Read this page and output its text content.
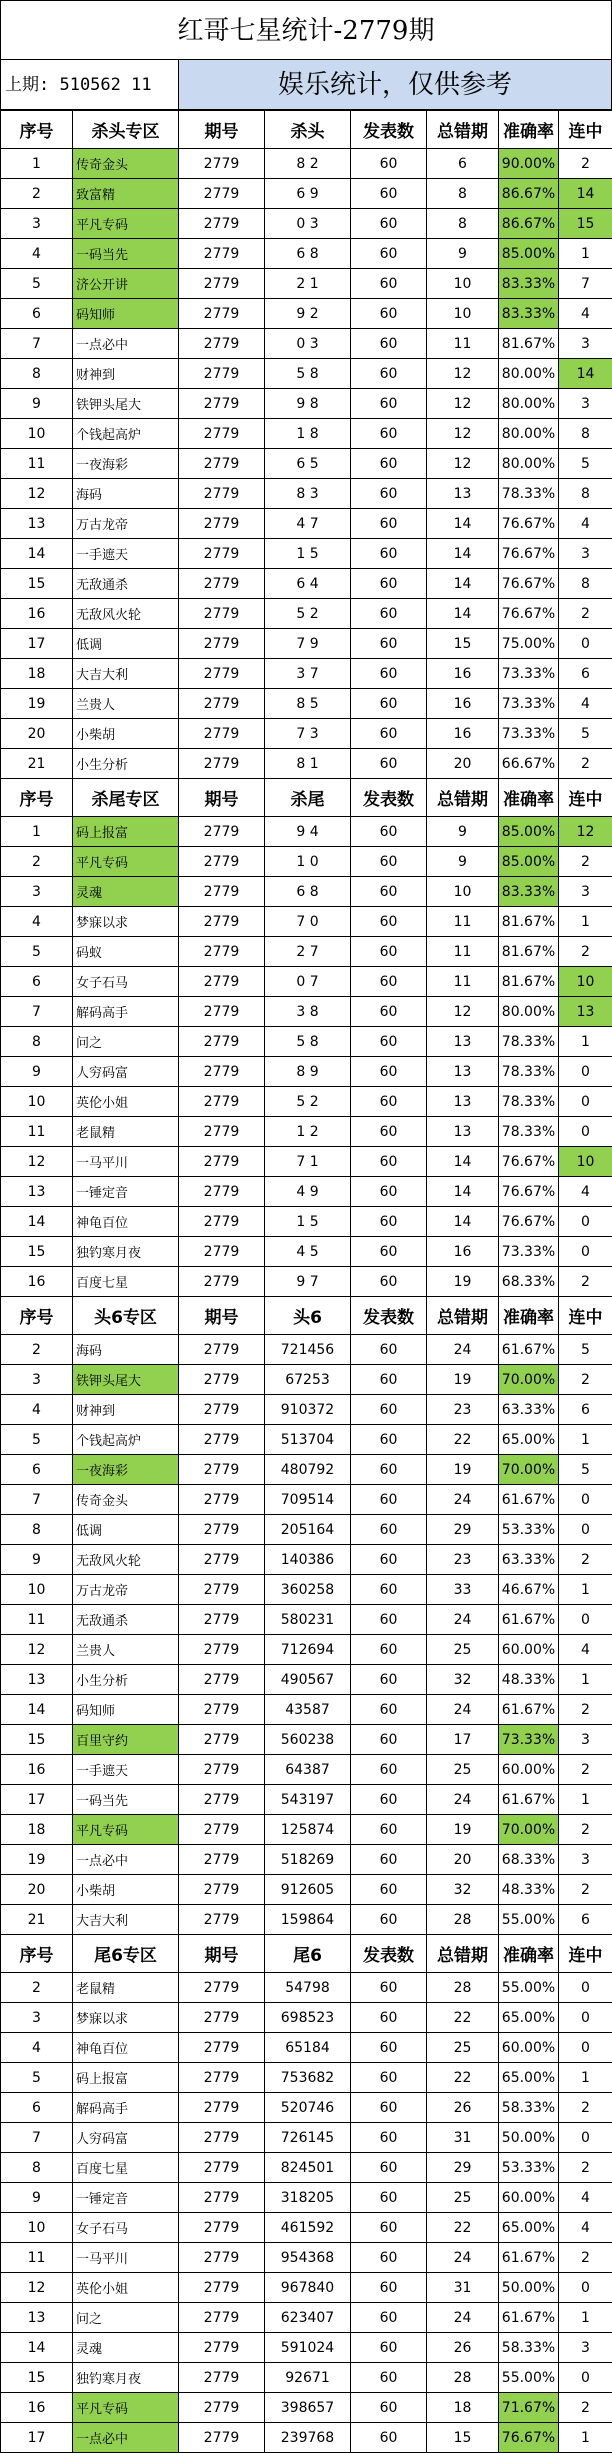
红哥七星统计-2779期
上期: 510562 11	娱乐统计，仅供参考
序号	杀头专区	期号	杀头	发表数	总错期	准确率	连中
1	传奇金头	2779	8 2	60	6	90.00%	2
2	致富精	2779	6 9	60	8	86.67%	14
3	平凡专码	2779	0 3	60	8	86.67%	15
4	一码当先	2779	6 8	60	9	85.00%	1
5	济公开讲	2779	2 1	60	10	83.33%	7
6	码知师	2779	9 2	60	10	83.33%	4
7	一点必中	2779	0 3	60	11	81.67%	3
8	财神到	2779	5 8	60	12	80.00%	14
9	铁钾头尾大	2779	9 8	60	12	80.00%	3
10	个钱起高炉	2779	1 8	60	12	80.00%	8
11	一夜海彩	2779	6 5	60	12	80.00%	5
12	海码	2779	8 3	60	13	78.33%	8
13	万古龙帝	2779	4 7	60	14	76.67%	4
14	一手遮天	2779	1 5	60	14	76.67%	3
15	无敌通杀	2779	6 4	60	14	76.67%	8
16	无敌风火轮	2779	5 2	60	14	76.67%	2
17	低调	2779	7 9	60	15	75.00%	0
18	大吉大利	2779	3 7	60	16	73.33%	6
19	兰贵人	2779	8 5	60	16	73.33%	4
20	小柴胡	2779	7 3	60	16	73.33%	5
21	小生分析	2779	8 1	60	20	66.67%	2
序号	杀尾专区	期号	杀尾	发表数	总错期	准确率	连中
1	码上报富	2779	9 4	60	9	85.00%	12
2	平凡专码	2779	1 0	60	9	85.00%	2
3	灵魂	2779	6 8	60	10	83.33%	3
4	梦寐以求	2779	7 0	60	11	81.67%	1
5	码蚁	2779	2 7	60	11	81.67%	2
6	女子石马	2779	0 7	60	11	81.67%	10
7	解码高手	2779	3 8	60	12	80.00%	13
8	问之	2779	5 8	60	13	78.33%	1
9	人穷码富	2779	8 9	60	13	78.33%	0
10	英伦小姐	2779	5 2	60	13	78.33%	0
11	老鼠精	2779	1 2	60	13	78.33%	0
12	一马平川	2779	7 1	60	14	76.67%	10
13	一锤定音	2779	4 9	60	14	76.67%	4
14	神龟百位	2779	1 5	60	14	76.67%	0
15	独钓寒月夜	2779	4 5	60	16	73.33%	0
16	百度七星	2779	9 7	60	19	68.33%	2
序号	头6专区	期号	头6	发表数	总错期	准确率	连中
2	海码	2779	721456	60	24	61.67%	5
3	铁钾头尾大	2779	67253	60	19	70.00%	2
4	财神到	2779	910372	60	23	63.33%	6
5	个钱起高炉	2779	513704	60	22	65.00%	1
6	一夜海彩	2779	480792	60	19	70.00%	5
7	传奇金头	2779	709514	60	24	61.67%	0
8	低调	2779	205164	60	29	53.33%	0
9	无敌风火轮	2779	140386	60	23	63.33%	2
10	万古龙帝	2779	360258	60	33	46.67%	1
11	无敌通杀	2779	580231	60	24	61.67%	0
12	兰贵人	2779	712694	60	25	60.00%	4
13	小生分析	2779	490567	60	32	48.33%	1
14	码知师	2779	43587	60	24	61.67%	2
15	百里守约	2779	560238	60	17	73.33%	3
16	一手遮天	2779	64387	60	25	60.00%	2
17	一码当先	2779	543197	60	24	61.67%	1
18	平凡专码	2779	125874	60	19	70.00%	2
19	一点必中	2779	518269	60	20	68.33%	3
20	小柴胡	2779	912605	60	32	48.33%	2
21	大吉大利	2779	159864	60	28	55.00%	6
序号	尾6专区	期号	尾6	发表数	总错期	准确率	连中
2	老鼠精	2779	54798	60	28	55.00%	0
3	梦寐以求	2779	698523	60	22	65.00%	0
4	神龟百位	2779	65184	60	25	60.00%	0
5	码上报富	2779	753682	60	22	65.00%	1
6	解码高手	2779	520746	60	26	58.33%	2
7	人穷码富	2779	726145	60	31	50.00%	0
8	百度七星	2779	824501	60	29	53.33%	2
9	一锤定音	2779	318205	60	25	60.00%	4
10	女子石马	2779	461592	60	22	65.00%	4
11	一马平川	2779	954368	60	24	61.67%	2
12	英伦小姐	2779	967840	60	31	50.00%	0
13	问之	2779	623407	60	24	61.67%	1
14	灵魂	2779	591024	60	26	58.33%	3
15	独钓寒月夜	2779	92671	60	28	55.00%	0
16	平凡专码	2779	398657	60	18	71.67%	2
17	一点必中	2779	239768	60	15	76.67%	1
